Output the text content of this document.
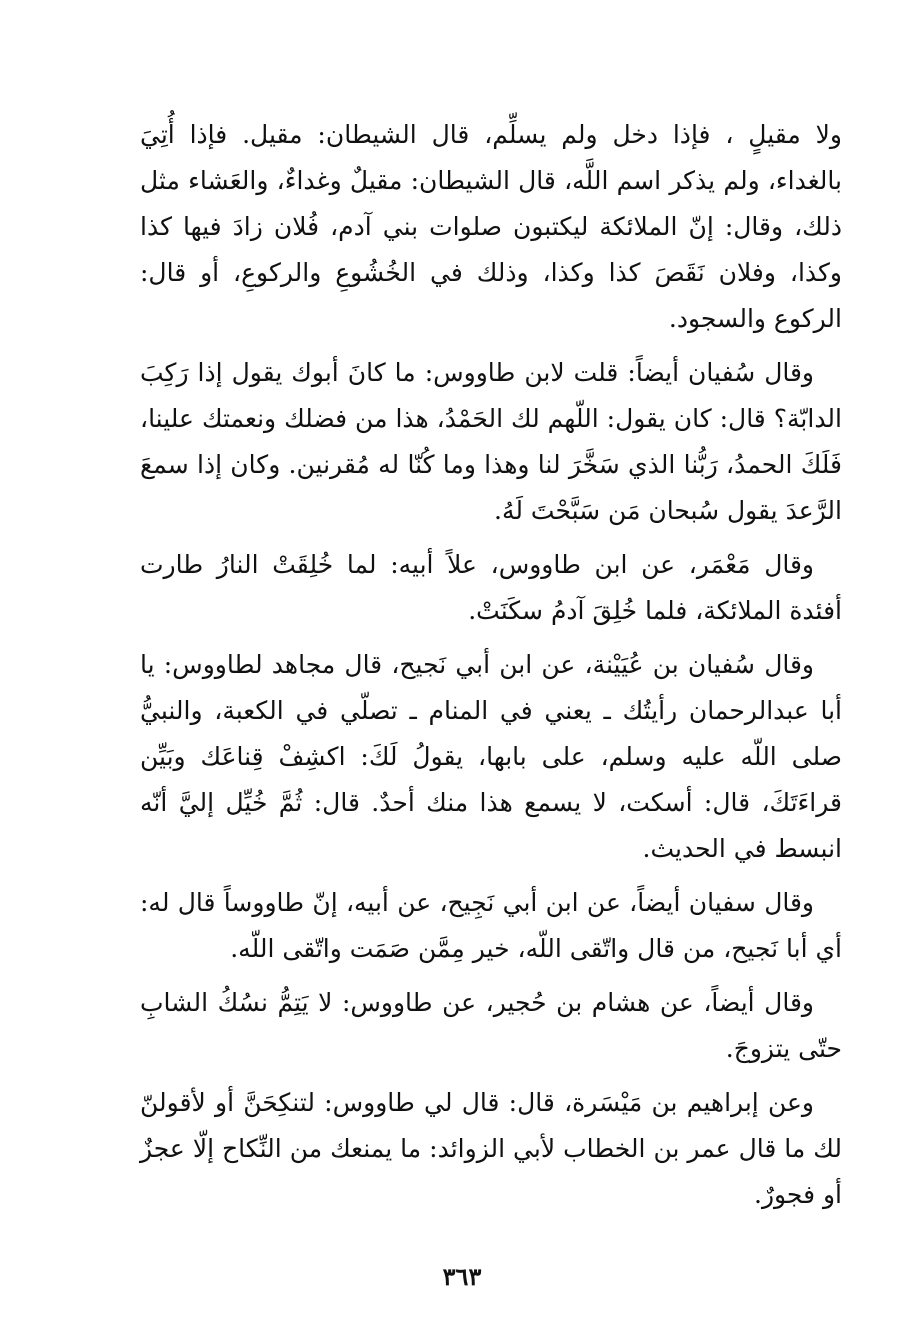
ولا مقيلٍ ، فإذا دخل ولم يسلِّم، قال الشيطان: مقيل. فإذا أُتِيَ بالغداء، ولم يذكر اسم اللَّه، قال الشيطان: مقيلٌ وغداءٌ، والعَشاء مثل ذلك، وقال: إنّ الملائكة ليكتبون صلوات بني آدم، فُلان زادَ فيها كذا وكذا، وفلان نَقَصَ كذا وكذا، وذلك في الخُشُوعِ والركوعِ، أو قال: الركوع والسجود.

وقال سُفيان أيضاً: قلت لابن طاووس: ما كانَ أبوك يقول إذا رَكِبَ الدابّة؟ قال: كان يقول: اللّهم لك الحَمْدُ، هذا من فضلك ونعمتك علينا، فَلَكَ الحمدُ، رَبُّنا الذي سَخَّرَ لنا وهذا وما كُنّا له مُقرنين. وكان إذا سمعَ الرَّعدَ يقول سُبحان مَن سَبَّحْتَ لَهُ.

وقال مَعْمَر، عن ابن طاووس، علاً أبيه: لما خُلِقَتْ النارُ طارت أفئدة الملائكة، فلما خُلِقَ آدمُ سكَنَتْ.

وقال سُفيان بن عُيَيْنة، عن ابن أبي نَجيح، قال مجاهد لطاووس: يا أبا عبدالرحمان رأيتُك ـ يعني في المنام ـ تصلّي في الكعبة، والنبيُّ صلى اللّه عليه وسلم، على بابها، يقولُ لَكَ: اكشِفْ قِناعَك وبَيِّن قراءَتَكَ، قال: أسكت، لا يسمع هذا منك أحدٌ. قال: ثُمَّ خُيِّل إليَّ أنّه انبسط في الحديث.

وقال سفيان أيضاً، عن ابن أبي نَجِيح، عن أبيه، إنّ طاووساً قال له: أي أبا نَجيح، من قال واتّقى اللّه، خير مِمَّن صَمَت واتّقى اللّه.

وقال أيضاً، عن هشام بن حُجير، عن طاووس: لا يَتِمُّ نسُكُ الشابِ حتّى يتزوجَ.

وعن إبراهيم بن مَيْسَرة، قال: قال لي طاووس: لتنكِحَنَّ أو لأقولنّ لك ما قال عمر بن الخطاب لأبي الزوائد: ما يمنعك من النِّكاح إلّا عجزٌ أو فجورٌ.

٣٦٣
